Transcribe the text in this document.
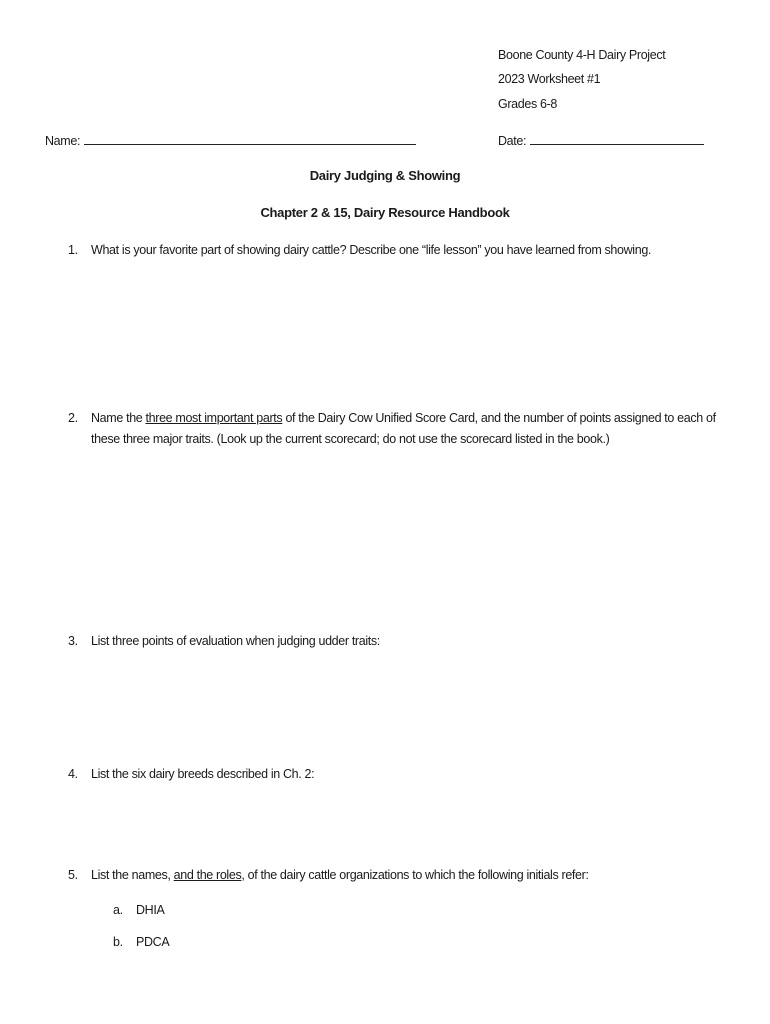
Boone County 4-H Dairy Project
2023 Worksheet #1
Grades 6-8
Name:	Date:
Dairy Judging & Showing
Chapter 2 & 15, Dairy Resource Handbook
1. What is your favorite part of showing dairy cattle? Describe one “life lesson” you have learned from showing.
2. Name the three most important parts of the Dairy Cow Unified Score Card, and the number of points assigned to each of
these three major traits. (Look up the current scorecard; do not use the scorecard listed in the book.)
3. List three points of evaluation when judging udder traits:
4. List the six dairy breeds described in Ch. 2:
5. List the names, and the roles, of the dairy cattle organizations to which the following initials refer:
a. DHIA
b. PDCA
